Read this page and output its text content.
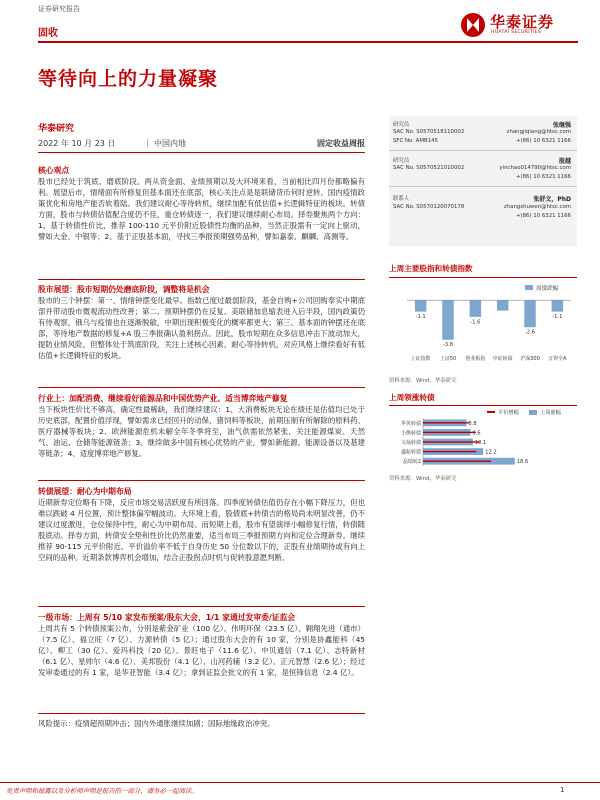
证券研究报告
华泰证券
HUATAI SECURITIES
固收
等待向上的力量凝聚
华泰研究
2022 年 10 月 23 日	| 中国内地	固定收益周报
研究员	张继强
SAC No. S0570518110002	zhangjiqiang@htsc.com
SFC No. AMB145	+(86) 10 6321 1166
研究员	殷越
SAC No. S0570521010002	yinchao014790@htsc.com
+(86) 10 6321 1166
联系人	张舒文，PhD
SAC No. S0570120070178	zhangshuwen@htsc.com
+(86) 10 6321 1166
核心观点
股市已经处于筑底、磨底阶段。两从资金面、业绩预期以及大环境来看，当前相比四月份都略偏有利。展望后市，情绪面有所修复但基本面还在底部，核心关注点是是联储货币何时逆转、国内疫情政策优化和房地产能否软着陆。我们建议耐心等待转机，继续加配有低估值+长逻辑特征的板块。转债方面，股市与转债估值配合度仍不佳，重仓转债逐一，我们建议继续耐心布局。择券聚焦两个方向：1、基于转债性价比，推荐 100-110 元平价附近股债性均衡的品种，当然正股需有一定向上驱动，譬如大金、中银等；2、基于正股基本面，寻找三季报预期强势品种，譬如嘉泰、麒麟、高测等。
股市展望：股市短期仍处磨底阶段，调整将是机会
股市的三个钟摆：第一、情绪钟摆变化最早。指数已度过最弱阶段，基金自购+公司回购奉实中期底部并带动股市微观流动性改善；第二、预期钟摆仍在反复。美联储加息缩表进入后半段，国内政策仍有待观察，俄乌与疫情也在逐渐脱敏，中期出现积极变化的概率都更大；第三、基本面的钟摆还在底部，等待地产数据的修复+A 股三季报确认盈利拐点。因此，股市短期在众多信息冲击下波动加大，提防业绩风险，但整体处于筑底阶段，关注上述核心因素，耐心等待转机，对应风格上继续看好有低估值+长逻辑特征的板块。
行业上：加配消费、继续看好能源品和中国优势产业、适当博弈地产修复
当下板块性价比不够高，确定性最稀缺，我们继续建议：1、大消费板块无论在绩还是估值均已处于历史底部，配置价值浮现，譬如需求已经回升的动保、猪饲料等板块，前期压制有所解除的原料药、医疗器械等板块；2、欧洲能源危机未解全年冬季将至，油气供需依然紧张，关注能源煤炭、天然气、油运、仓储等能源链条；3、继续做多中国有核心优势的产业，譬如新能源、能源设备以及基建等链条；4、适度博弈地产修复。
转债展望：耐心为中期布局
近期新券定位略有下降，反应市场交易活跃度有所回落。四季度转债估值仍存在小幅下降压力，但也难以跌破 4 月位置，预计整体偏窄幅波动。大环境上看，股债底+转债吉的格局尚未明显改善，仍不建议过度激进，仓位保持中性，耐心为中期布局。而短期上看，股市有望演绎小幅修复行情，转债随股底动。择券方面，转债安全垫和性价比仍然重要，适当布局三季报预期方向和定位合理新券。继续推荐 90-115 元平价附近、平价溢价率不低于自身历史 50 分位数以下的，正股有业绩期待或有向上空间的品种。近期条款博弈机会增加，结合正股拐点时机与促转股意愿判断。
一级市场：上周有 5/10 家发布预案/股东大会，1/1 家通过发审委/证监会
上周共有 5 个转债预案公布，分别是紫金矿业（100 亿）、伟明环保（23.5 亿）、翱翔先进（通市）（7.5 亿）、福立旺（7 亿）、力源转债（5 亿）；通过股东大会的有 10 家，分别是协鑫能科（45 亿）、柳工（30 亿）、爱玛科技（20 亿）、景旺电子（11.6 亿）、中贝通信（7.1 亿）、志特新材（6.1 亿）、星帅尔（4.6 亿）、美邦股份（4.1 亿）、山河药辅（3.2 亿）、正元智慧（2.6 亿）；经过发审委通过的有 1 家，是华亚智能（3.4 亿）；拿到证监会批文的有 1 家，是恒锋信息（2.4 亿）。
风险提示：疫情超预期冲击；国内外通胀继续加剧；国际地缘政治冲突。
上周主要股指和转债指数
周涨跌幅
-1.1
上证指数
-3.8
上证50
-1.6
创业板指 中证转债
-2.6
沪深300
-1.1
万得全A
资料来源：Wind，华泰研究
上周领涨转债
平价增幅	上周涨幅
8.8
华英转债
9.6
小熊转债
10.1
文灿转债
12.2
盛航转债
18.6
晶瑞转2
资料来源：Wind，华泰研究
免责声明和披露以及分析师声明是报告的一部分，请务必一起阅读。	1
